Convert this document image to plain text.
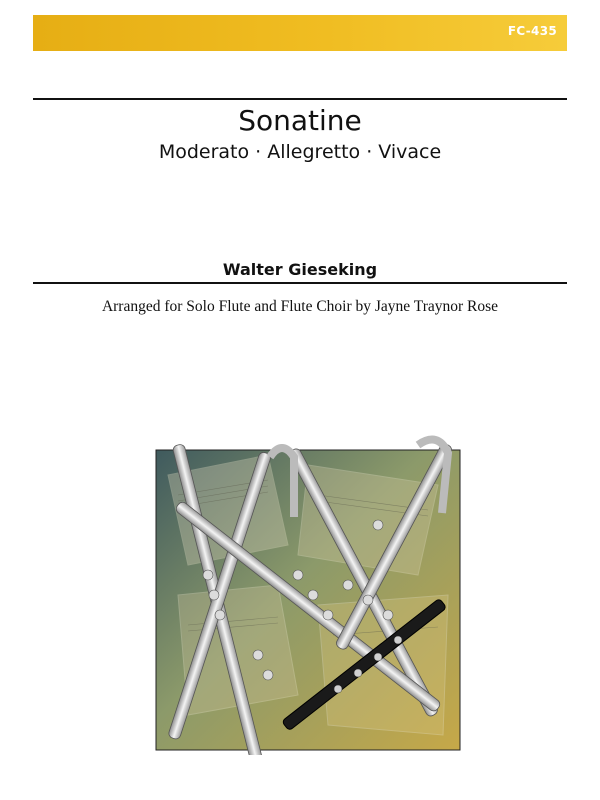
FC-435
Sonatine
Moderato · Allegretto · Vivace
Walter Gieseking
Arranged for Solo Flute and Flute Choir by Jayne Traynor Rose
